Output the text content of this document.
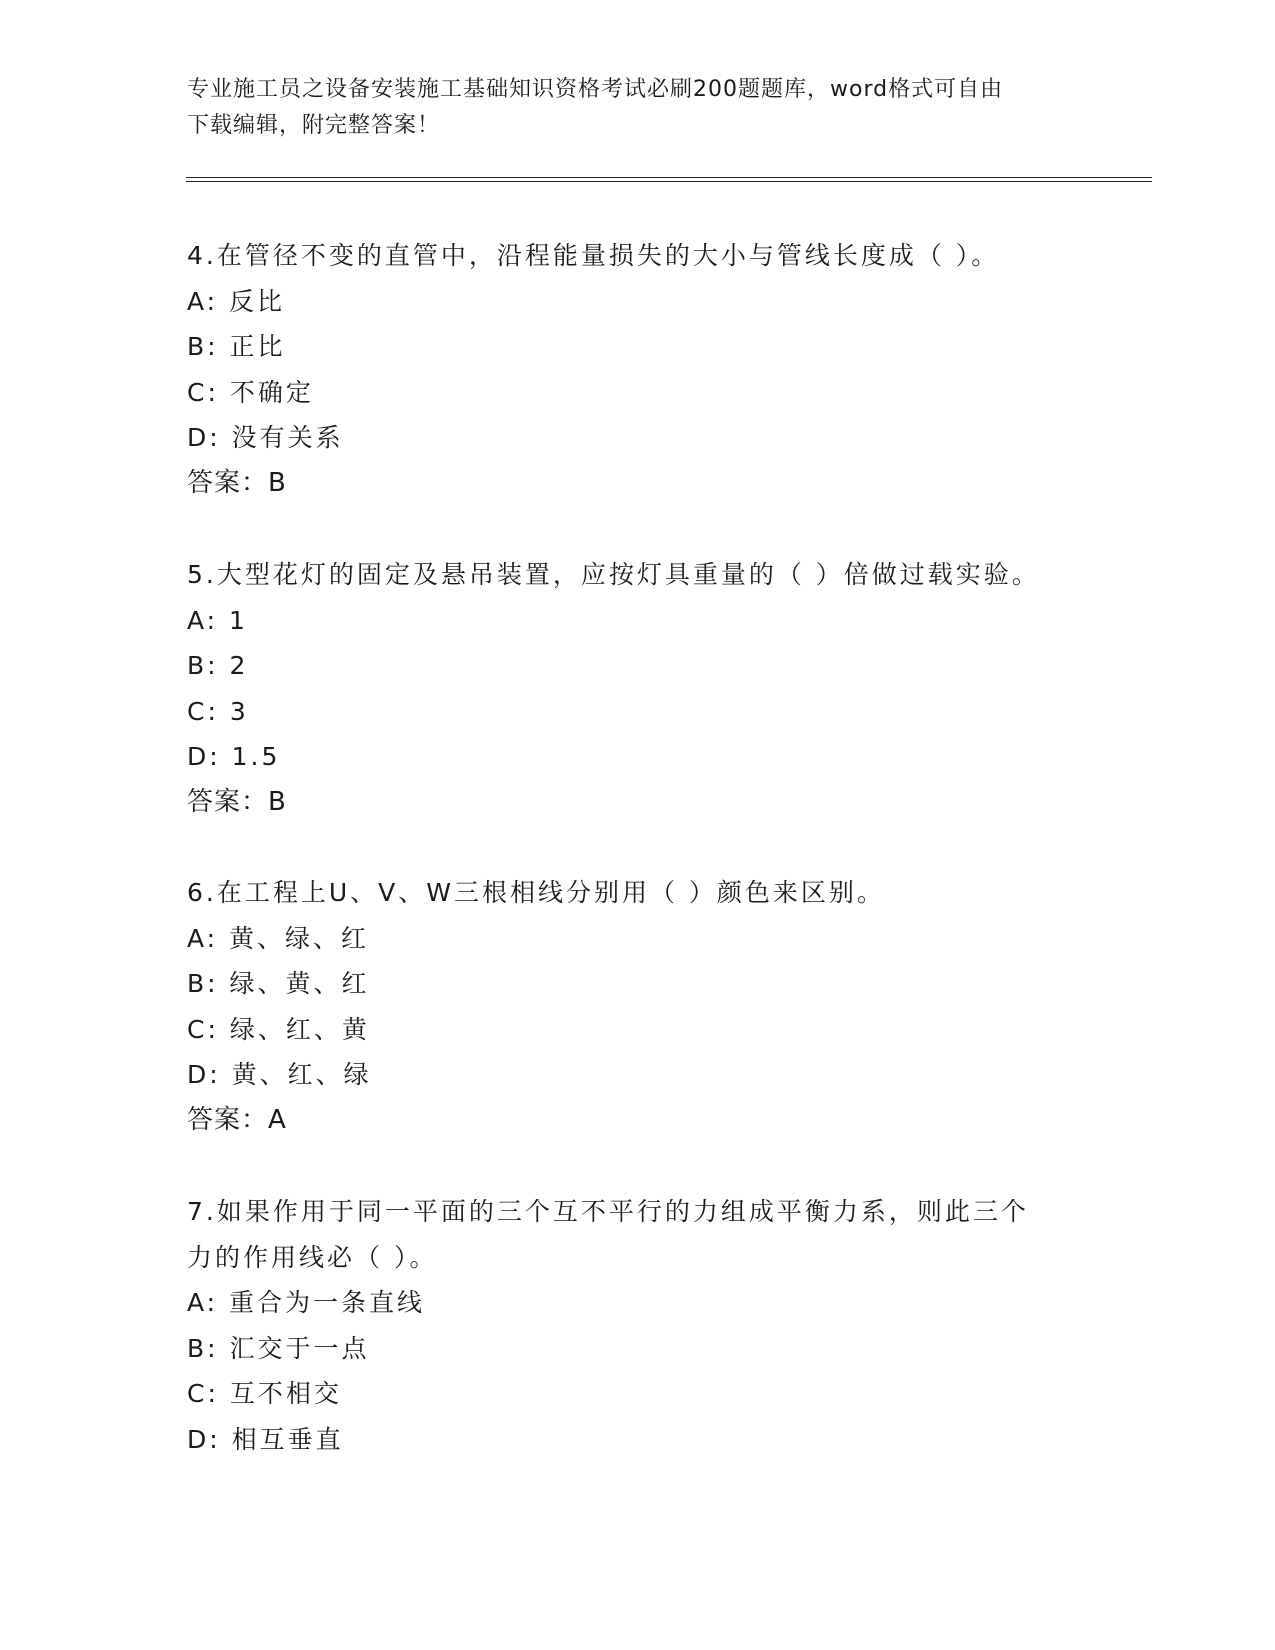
专业施工员之设备安装施工基础知识资格考试必刷200题题库，word格式可自由
下载编辑，附完整答案！
4.在管径不变的直管中，沿程能量损失的大小与管线长度成（ ）。
A: 反比
B: 正比
C: 不确定
D: 没有关系
答案：B
5.大型花灯的固定及悬吊装置，应按灯具重量的（ ）倍做过载实验。
A: 1
B: 2
C: 3
D: 1.5
答案：B
6.在工程上U、V、W三根相线分别用（ ）颜色来区别。
A: 黄、绿、红
B: 绿、黄、红
C: 绿、红、黄
D: 黄、红、绿
答案：A
7.如果作用于同一平面的三个互不平行的力组成平衡力系，则此三个
力的作用线必（ ）。
A: 重合为一条直线
B: 汇交于一点
C: 互不相交
D: 相互垂直
